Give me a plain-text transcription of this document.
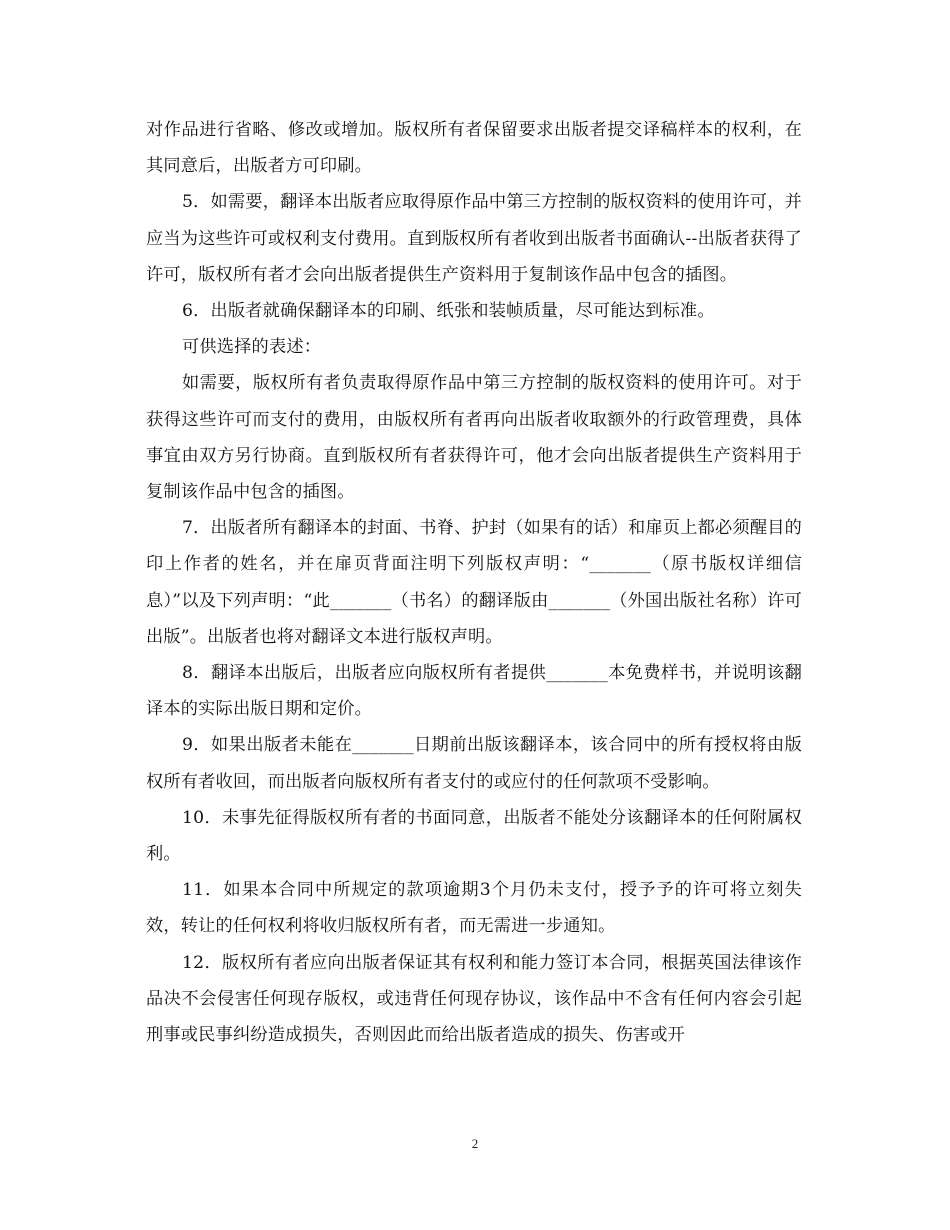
对作品进行省略、修改或增加。版权所有者保留要求出版者提交译稿样本的权利，在其同意后，出版者方可印刷。

5．如需要，翻译本出版者应取得原作品中第三方控制的版权资料的使用许可，并应当为这些许可或权利支付费用。直到版权所有者收到出版者书面确认--出版者获得了许可，版权所有者才会向出版者提供生产资料用于复制该作品中包含的插图。

6．出版者就确保翻译本的印刷、纸张和装帧质量，尽可能达到标准。

可供选择的表述：

如需要，版权所有者负责取得原作品中第三方控制的版权资料的使用许可。对于获得这些许可而支付的费用，由版权所有者再向出版者收取额外的行政管理费，具体事宜由双方另行协商。直到版权所有者获得许可，他才会向出版者提供生产资料用于复制该作品中包含的插图。

7．出版者所有翻译本的封面、书脊、护封（如果有的话）和扉页上都必须醒目的印上作者的姓名，并在扉页背面注明下列版权声明：“_______（原书版权详细信息）”以及下列声明：“此_______（书名）的翻译版由_______（外国出版社名称）许可出版”。出版者也将对翻译文本进行版权声明。

8．翻译本出版后，出版者应向版权所有者提供_______本免费样书，并说明该翻译本的实际出版日期和定价。

9．如果出版者未能在_______日期前出版该翻译本，该合同中的所有授权将由版权所有者收回，而出版者向版权所有者支付的或应付的任何款项不受影响。

10．未事先征得版权所有者的书面同意，出版者不能处分该翻译本的任何附属权利。

11．如果本合同中所规定的款项逾期3个月仍未支付，授予予的许可将立刻失效，转让的任何权利将收归版权所有者，而无需进一步通知。

12．版权所有者应向出版者保证其有权利和能力签订本合同，根据英国法律该作品决不会侵害任何现存版权，或违背任何现存协议，该作品中不含有任何内容会引起刑事或民事纠纷造成损失，否则因此而给出版者造成的损失、伤害或开

2
